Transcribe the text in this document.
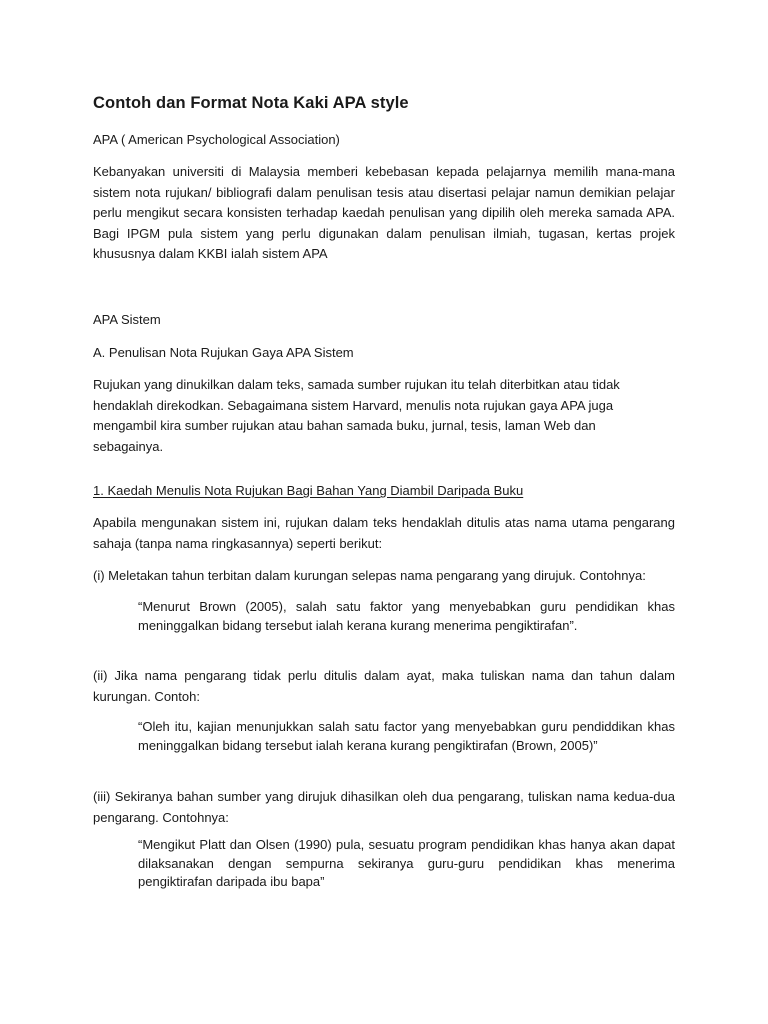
Contoh dan Format Nota Kaki APA style
APA ( American Psychological Association)
Kebanyakan universiti di Malaysia memberi kebebasan kepada pelajarnya memilih mana-mana sistem nota rujukan/ bibliografi dalam penulisan tesis atau disertasi pelajar namun demikian pelajar perlu mengikut secara konsisten terhadap kaedah penulisan yang dipilih oleh mereka samada APA. Bagi IPGM pula sistem yang perlu digunakan dalam penulisan ilmiah, tugasan, kertas projek khususnya dalam KKBI ialah sistem APA
APA Sistem
A. Penulisan Nota Rujukan Gaya APA Sistem
Rujukan yang dinukilkan dalam teks, samada sumber rujukan itu telah diterbitkan atau tidak hendaklah direkodkan. Sebagaimana sistem Harvard, menulis nota rujukan gaya APA juga mengambil kira sumber rujukan atau bahan samada buku, jurnal, tesis, laman Web dan sebagainya.
1. Kaedah Menulis Nota Rujukan Bagi Bahan Yang Diambil Daripada Buku
Apabila mengunakan sistem ini, rujukan dalam teks hendaklah ditulis atas nama utama pengarang sahaja (tanpa nama ringkasannya) seperti berikut:
(i) Meletakan tahun terbitan dalam kurungan selepas nama pengarang yang dirujuk. Contohnya:
“Menurut Brown (2005), salah satu faktor yang menyebabkan guru pendidikan khas meninggalkan bidang tersebut ialah kerana kurang menerima pengiktirafan”.
(ii) Jika nama pengarang tidak perlu ditulis dalam ayat, maka tuliskan nama dan tahun dalam kurungan. Contoh:
“Oleh itu, kajian menunjukkan salah satu factor yang menyebabkan guru pendiddikan khas meninggalkan bidang tersebut ialah kerana kurang pengiktirafan (Brown, 2005)”
(iii) Sekiranya bahan sumber yang dirujuk dihasilkan oleh dua pengarang, tuliskan nama kedua-dua pengarang. Contohnya:
“Mengikut Platt dan Olsen (1990) pula, sesuatu program pendidikan khas hanya akan dapat dilaksanakan dengan sempurna sekiranya guru-guru pendidikan khas menerima pengiktirafan daripada ibu bapa”
